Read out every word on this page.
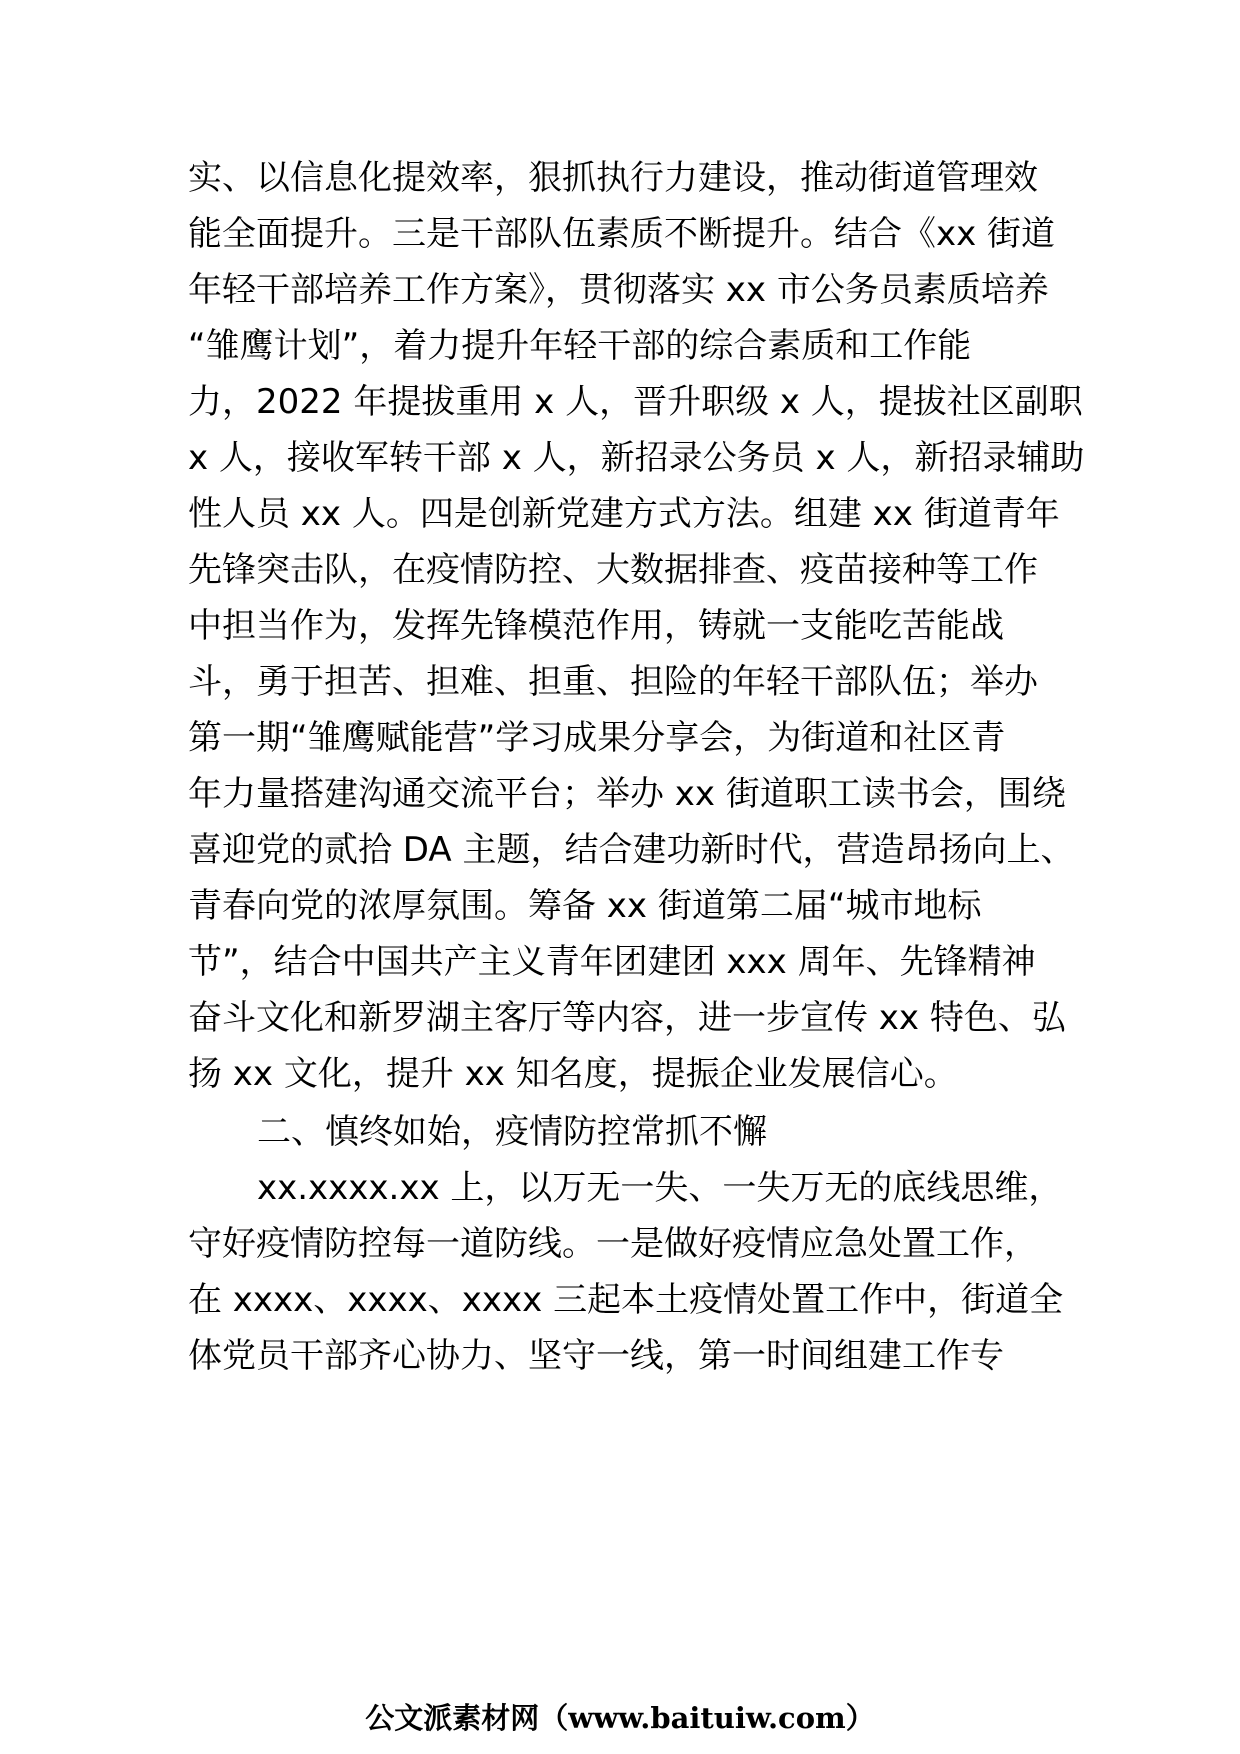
实、以信息化提效率，狠抓执行力建设，推动街道管理效
能全面提升。三是干部队伍素质不断提升。结合《xx 街道
年轻干部培养工作方案》，贯彻落实 xx 市公务员素质培养
“雏鹰计划”，着力提升年轻干部的综合素质和工作能
力，2022 年提拔重用 x 人，晋升职级 x 人，提拔社区副职
x 人，接收军转干部 x 人，新招录公务员 x 人，新招录辅助
性人员 xx 人。四是创新党建方式方法。组建 xx 街道青年
先锋突击队，在疫情防控、大数据排查、疫苗接种等工作
中担当作为，发挥先锋模范作用，铸就一支能吃苦能战
斗，勇于担苦、担难、担重、担险的年轻干部队伍；举办
第一期“雏鹰赋能营”学习成果分享会，为街道和社区青
年力量搭建沟通交流平台；举办 xx 街道职工读书会，围绕
喜迎党的贰拾 DA 主题，结合建功新时代，营造昂扬向上、
青春向党的浓厚氛围。筹备 xx 街道第二届“城市地标
节”，结合中国共产主义青年团建团 xxx 周年、先锋精神
奋斗文化和新罗湖主客厅等内容，进一步宣传 xx 特色、弘
扬 xx 文化，提升 xx 知名度，提振企业发展信心。
二、慎终如始，疫情防控常抓不懈
xx.xxxx.xx 上，以万无一失、一失万无的底线思维，
守好疫情防控每一道防线。一是做好疫情应急处置工作，
在 xxxx、xxxx、xxxx 三起本土疫情处置工作中，街道全
体党员干部齐心协力、坚守一线，第一时间组建工作专
公文派素材网（www.baituiw.com）
